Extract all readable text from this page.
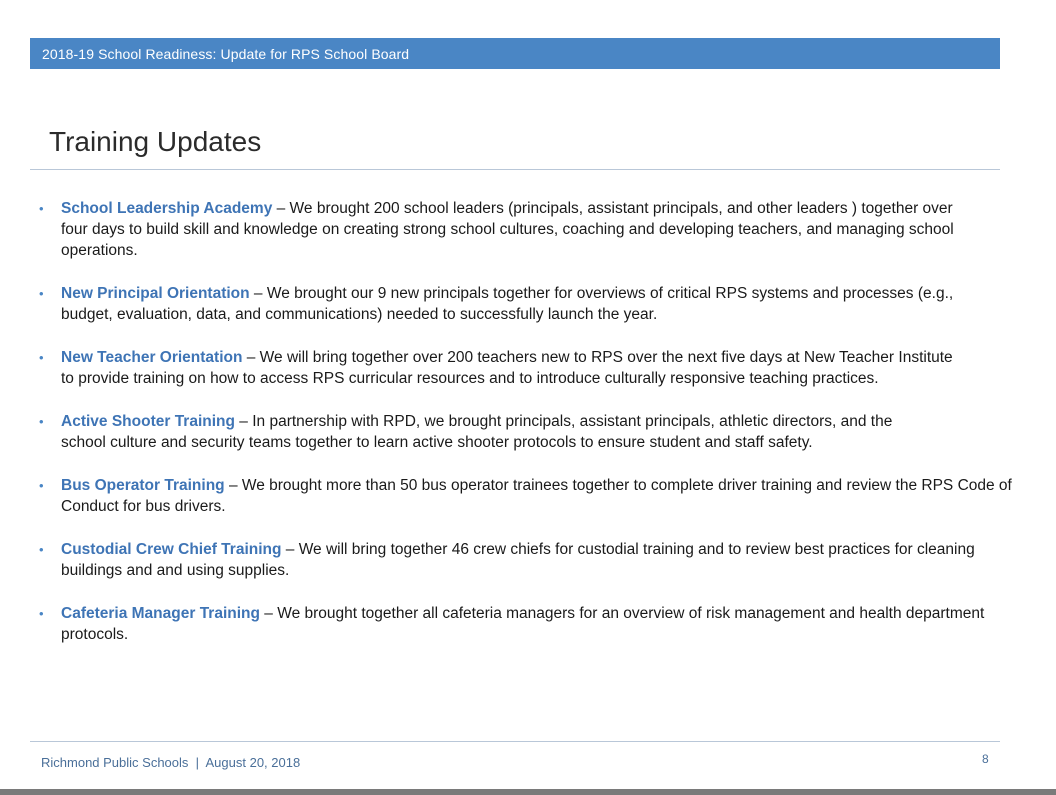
2018-19 School Readiness: Update for RPS School Board
Training Updates
• School Leadership Academy – We brought 200 school leaders (principals, assistant principals, and other leaders ) together over four days to build skill and knowledge on creating strong school cultures, coaching and developing teachers, and managing school operations.
• New Principal Orientation – We brought our 9 new principals together for overviews of critical RPS systems and processes (e.g., budget, evaluation, data, and communications) needed to successfully launch the year.
• New Teacher Orientation – We will bring together over 200 teachers new to RPS over the next five days at New Teacher Institute to provide training on how to access RPS curricular resources and to introduce culturally responsive teaching practices.
• Active Shooter Training – In partnership with RPD, we brought principals, assistant principals, athletic directors, and the school culture and security teams together to learn active shooter protocols to ensure student and staff safety.
• Bus Operator Training – We brought more than 50 bus operator trainees together to complete driver training and review the RPS Code of Conduct for bus drivers.
• Custodial Crew Chief Training – We will bring together 46 crew chiefs for custodial training and to review best practices for cleaning buildings and and using supplies.
• Cafeteria Manager Training – We brought together all cafeteria managers for an overview of risk management and health department protocols.
Richmond Public Schools  |  August 20, 2018	8
